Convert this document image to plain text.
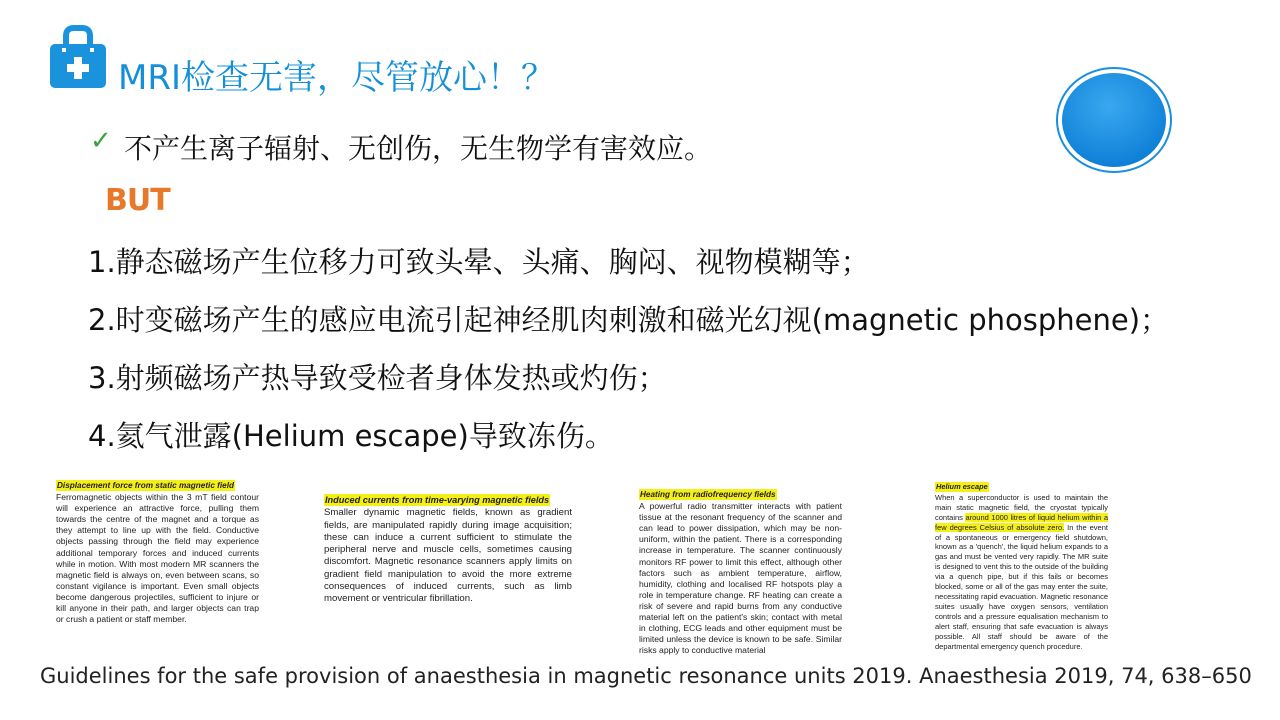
MRI检查无害，尽管放心！？
✓ 不产生离子辐射、无创伤，无生物学有害效应。
BUT
1.静态磁场产生位移力可致头晕、头痛、胸闷、视物模糊等；
2.时变磁场产生的感应电流引起神经肌肉刺激和磁光幻视(magnetic phosphene)；
3.射频磁场产热导致受检者身体发热或灼伤；
4.氦气泄露(Helium escape)导致冻伤。
Displacement force from static magnetic field
Ferromagnetic objects within the 3 mT field contour will experience an attractive force, pulling them towards the centre of the magnet and a torque as they attempt to line up with the field. Conductive objects passing through the field may experience additional temporary forces and induced currents while in motion. With most modern MR scanners the magnetic field is always on, even between scans, so constant vigilance is important. Even small objects become dangerous projectiles, sufficient to injure or kill anyone in their path, and larger objects can trap or crush a patient or staff member.
Induced currents from time-varying magnetic fields
Smaller dynamic magnetic fields, known as gradient fields, are manipulated rapidly during image acquisition; these can induce a current sufficient to stimulate the peripheral nerve and muscle cells, sometimes causing discomfort. Magnetic resonance scanners apply limits on gradient field manipulation to avoid the more extreme consequences of induced currents, such as limb movement or ventricular fibrillation.
Heating from radiofrequency fields
A powerful radio transmitter interacts with patient tissue at the resonant frequency of the scanner and can lead to power dissipation, which may be non-uniform, within the patient. There is a corresponding increase in temperature. The scanner continuously monitors RF power to limit this effect, although other factors such as ambient temperature, airflow, humidity, clothing and localised RF hotspots play a role in temperature change. RF heating can create a risk of severe and rapid burns from any conductive material left on the patient's skin; contact with metal in clothing, ECG leads and other equipment must be limited unless the device is known to be safe. Similar risks apply to conductive material
Helium escape
When a superconductor is used to maintain the main static magnetic field, the cryostat typically contains around 1000 litres of liquid helium within a few degrees Celsius of absolute zero. In the event of a spontaneous or emergency field shutdown, known as a 'quench', the liquid helium expands to a gas and must be vented very rapidly. The MR suite is designed to vent this to the outside of the building via a quench pipe, but if this fails or becomes blocked, some or all of the gas may enter the suite, necessitating rapid evacuation. Magnetic resonance suites usually have oxygen sensors, ventilation controls and a pressure equalisation mechanism to alert staff, ensuring that safe evacuation is always possible. All staff should be aware of the departmental emergency quench procedure.
Guidelines for the safe provision of anaesthesia in magnetic resonance units 2019. Anaesthesia 2019, 74, 638–650
